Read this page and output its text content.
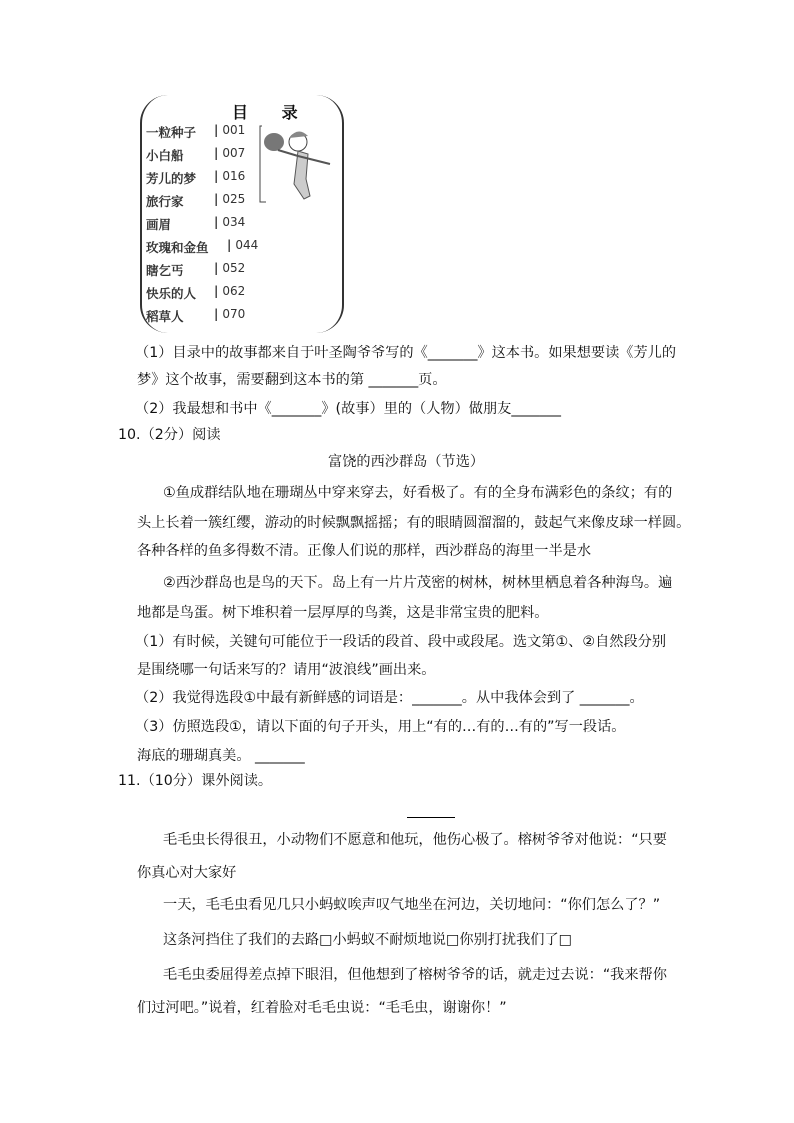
目 录
一粒种子	| 001
小白船	| 007
芳儿的梦	| 016
旅行家	| 025
画眉	| 034
玫瑰和金鱼	| 044
瞎乞丐	| 052
快乐的人	| 062
稻草人	| 070
（1）目录中的故事都来自于叶圣陶爷爷写的《_______》这本书。如果想要读《芳儿的
梦》这个故事，需要翻到这本书的第 _______页。
（2）我最想和书中《_______》(故事）里的（人物）做朋友_______
10.（2分）阅读
富饶的西沙群岛（节选）
①鱼成群结队地在珊瑚丛中穿来穿去，好看极了。有的全身布满彩色的条纹；有的
头上长着一簇红缨，游动的时候飘飘摇摇；有的眼睛圆溜溜的，鼓起气来像皮球一样圆。
各种各样的鱼多得数不清。正像人们说的那样，西沙群岛的海里一半是水
②西沙群岛也是鸟的天下。岛上有一片片茂密的树林，树林里栖息着各种海鸟。遍
地都是鸟蛋。树下堆积着一层厚厚的鸟粪，这是非常宝贵的肥料。
（1）有时候，关键句可能位于一段话的段首、段中或段尾。选文第①、②自然段分别
是围绕哪一句话来写的？请用“波浪线”画出来。
（2）我觉得选段①中最有新鲜感的词语是：_______。从中我体会到了 _______。
（3）仿照选段①，请以下面的句子开头，用上“有的…有的…有的”写一段话。
海底的珊瑚真美。 _______
11.（10分）课外阅读。
毛毛虫长得很丑，小动物们不愿意和他玩，他伤心极了。榕树爷爷对他说：“只要
你真心对大家好
一天，毛毛虫看见几只小蚂蚁唉声叹气地坐在河边，关切地问：“你们怎么了？”
这条河挡住了我们的去路□小蚂蚁不耐烦地说□你别打扰我们了□
毛毛虫委屈得差点掉下眼泪，但他想到了榕树爷爷的话，就走过去说：“我来帮你
们过河吧。”说着，红着脸对毛毛虫说：“毛毛虫，谢谢你！”
